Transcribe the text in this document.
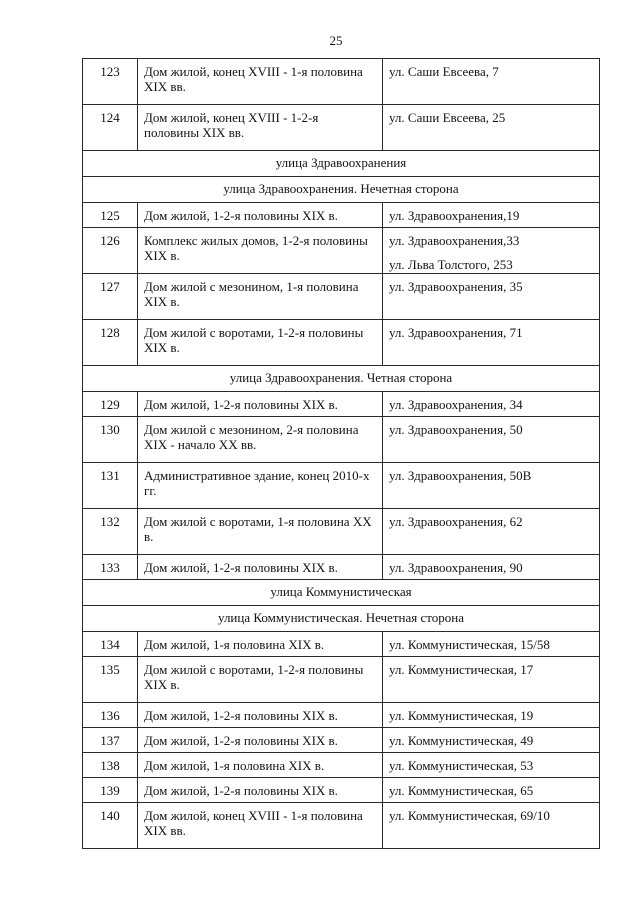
25
123	Дом жилой, конец XVIII - 1-я половина XIX вв.	ул. Саши Евсеева, 7

124	Дом жилой, конец XVIII - 1-2-я половины XIX вв.	ул. Саши Евсеева, 25

улица Здравоохранения		
улица Здравоохранения. Нечетная сторона		
125	Дом жилой, 1-2-я половины XIX в.	ул. Здравоохранения,19

126	Комплекс жилых домов, 1-2-я половины XIX в.	ул. Здравоохранения,33
ул. Льва Толстого, 253

127	Дом жилой с мезонином, 1-я половина XIX в.	ул. Здравоохранения, 35

128	Дом жилой с воротами, 1-2-я половины XIX в.	ул. Здравоохранения, 71

улица Здравоохранения. Четная сторона		
129	Дом жилой, 1-2-я половины XIX в.	ул. Здравоохранения, 34

130	Дом жилой с мезонином, 2-я половина XIX - начало XX вв.	ул. Здравоохранения, 50

131	Административное здание, конец 2010-х гг.	ул. Здравоохранения, 50В

132	Дом жилой с воротами, 1-я половина XX в.	ул. Здравоохранения, 62

133	Дом жилой, 1-2-я половины XIX в.	ул. Здравоохранения, 90

улица Коммунистическая		
улица Коммунистическая. Нечетная сторона		
134	Дом жилой, 1-я половина XIX в.	ул. Коммунистическая, 15/58

135	Дом жилой с воротами, 1-2-я половины XIX в.	ул. Коммунистическая, 17

136	Дом жилой, 1-2-я половины XIX в.	ул. Коммунистическая, 19

137	Дом жилой, 1-2-я половины XIX в.	ул. Коммунистическая, 49

138	Дом жилой, 1-я половина XIX в.	ул. Коммунистическая, 53

139	Дом жилой, 1-2-я половины XIX в.	ул. Коммунистическая, 65

140	Дом жилой, конец XVIII - 1-я половина XIX вв.	ул. Коммунистическая, 69/10
